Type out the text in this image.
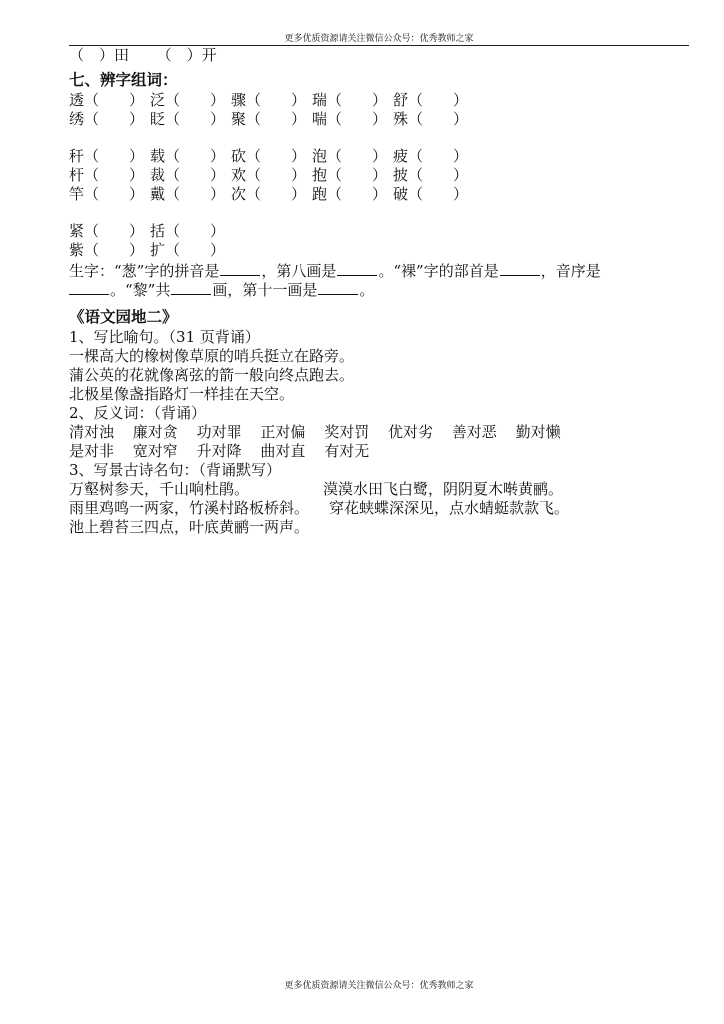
更多优质资源请关注微信公众号：优秀教师之家
（　）田 （　）开
七、辨字组词：
透（　　） 泛（　　） 骤（　　） 瑞（　　） 舒（　　）
绣（　　） 眨（　　） 聚（　　） 喘（　　） 殊（　　）
秆（　　） 载（　　） 砍（　　） 泡（　　） 疲（　　）
杆（　　） 裁（　　） 欢（　　） 抱（　　） 披（　　）
竿（　　） 戴（　　） 次（　　） 跑（　　） 破（　　）
紧（　　） 括（　　）
紫（　　） 扩（　　）
生字：“葱”字的拼音是	，第八画是	。“裸”字的部首是	，音序是
。“黎”共	画，第十一画是	。
《语文园地二》
1、写比喻句。（31 页背诵）
一棵高大的橡树像草原的哨兵挺立在路旁。
蒲公英的花就像离弦的箭一般向终点跑去。
北极星像盏指路灯一样挂在天空。
2、反义词：（背诵）
清对浊 廉对贪 功对罪 正对偏 奖对罚 优对劣 善对恶 勤对懒
是对非 宽对窄 升对降 曲对直 有对无
3、写景古诗名句：（背诵默写）
万壑树参天，千山响杜鹃。	漠漠水田飞白鹭，阴阴夏木啭黄鹂。
雨里鸡鸣一两家，竹溪村路板桥斜。 穿花蛱蝶深深见，点水蜻蜓款款飞。
池上碧苔三四点，叶底黄鹂一两声。
更多优质资源请关注微信公众号：优秀教师之家
